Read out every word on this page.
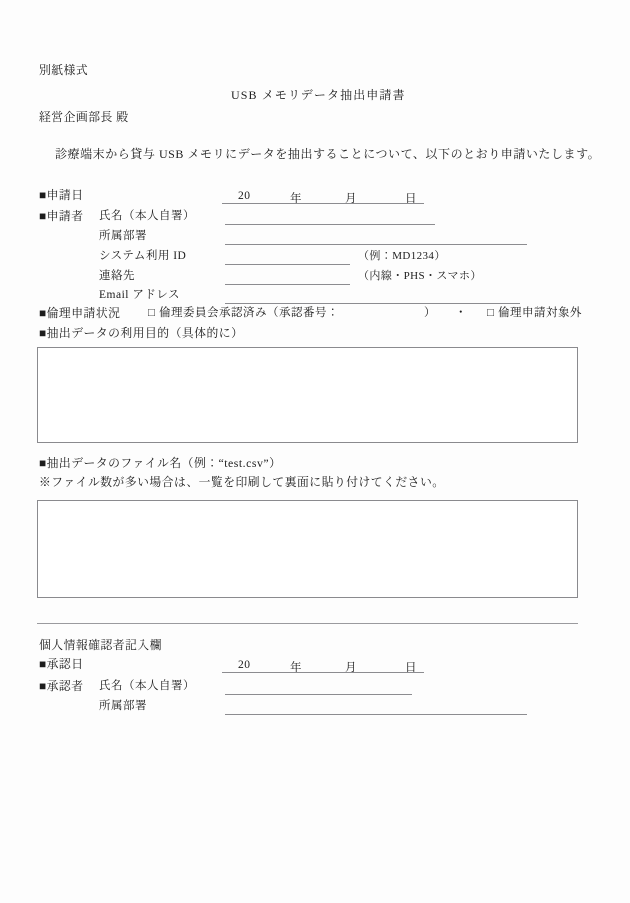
別紙様式
USB メモリデータ抽出申請書
経営企画部長 殿
診療端末から貸与 USB メモリにデータを抽出することについて、以下のとおり申請いたします。
■申請日	20	年	月	日
■申請者 氏名（本人自署）
所属部署
システム利用 ID	（例：MD1234）
連絡先	（内線・PHS・スマホ）
Email アドレス
■倫理申請状況 □ 倫理委員会承認済み（承認番号：	） ・ □ 倫理申請対象外
■抽出データの利用目的（具体的に）
■抽出データのファイル名（例：“test.csv”）
※ファイル数が多い場合は、一覧を印刷して裏面に貼り付けてください。
個人情報確認者記入欄
■承認日	20	年	月	日
■承認者 氏名（本人自署）
所属部署
